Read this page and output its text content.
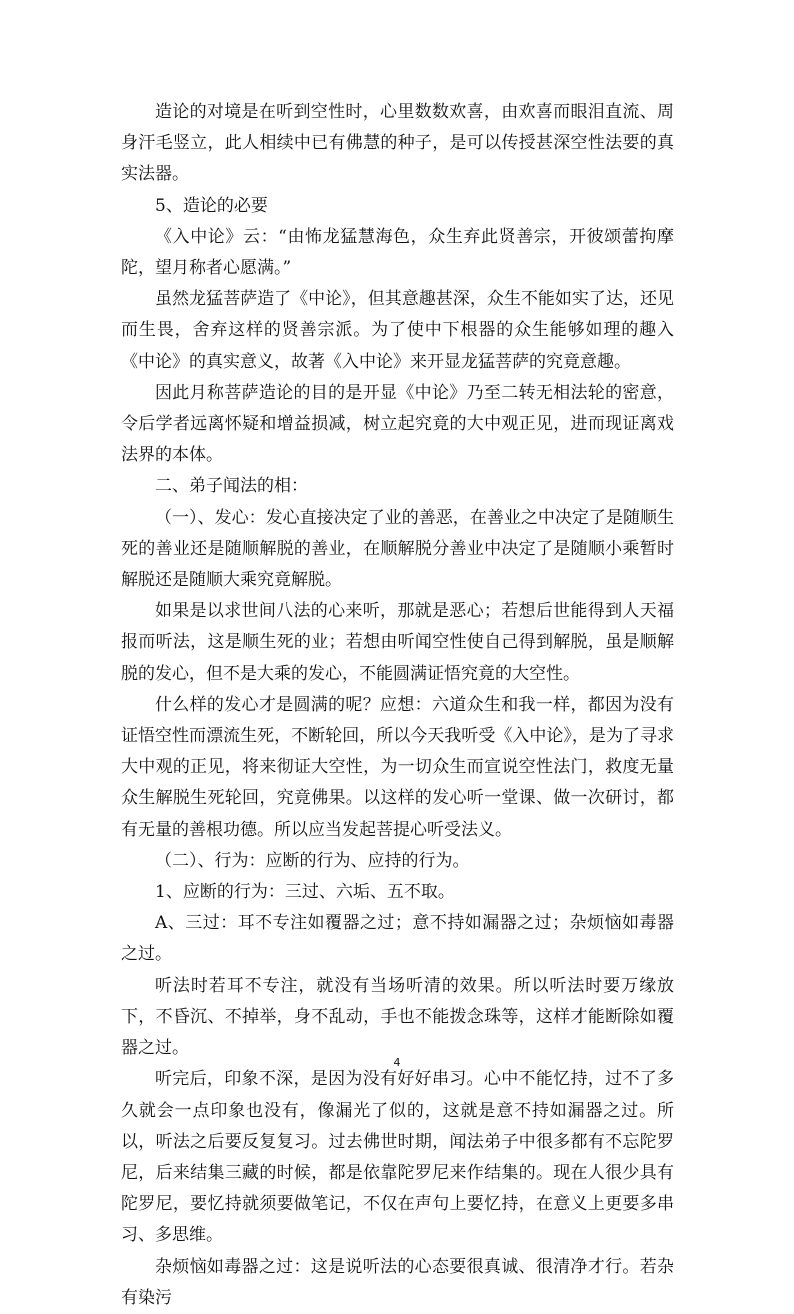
造论的对境是在听到空性时，心里数数欢喜，由欢喜而眼泪直流、周身汗毛竖立，此人相续中已有佛慧的种子，是可以传授甚深空性法要的真实法器。

5、造论的必要

《入中论》云：“由怖龙猛慧海色，众生弃此贤善宗，开彼颂蕾拘摩陀，望月称者心愿满。”

虽然龙猛菩萨造了《中论》，但其意趣甚深，众生不能如实了达，还见而生畏，舍弃这样的贤善宗派。为了使中下根器的众生能够如理的趣入《中论》的真实意义，故著《入中论》来开显龙猛菩萨的究竟意趣。

因此月称菩萨造论的目的是开显《中论》乃至二转无相法轮的密意，令后学者远离怀疑和增益损减，树立起究竟的大中观正见，进而现证离戏法界的本体。

二、弟子闻法的相：

（一）、发心：发心直接决定了业的善恶，在善业之中决定了是随顺生死的善业还是随顺解脱的善业，在顺解脱分善业中决定了是随顺小乘暂时解脱还是随顺大乘究竟解脱。

如果是以求世间八法的心来听，那就是恶心；若想后世能得到人天福报而听法，这是顺生死的业；若想由听闻空性使自己得到解脱，虽是顺解脱的发心，但不是大乘的发心，不能圆满证悟究竟的大空性。

什么样的发心才是圆满的呢？应想：六道众生和我一样，都因为没有证悟空性而漂流生死，不断轮回，所以今天我听受《入中论》，是为了寻求大中观的正见，将来彻证大空性，为一切众生而宣说空性法门，救度无量众生解脱生死轮回，究竟佛果。以这样的发心听一堂课、做一次研讨，都有无量的善根功德。所以应当发起菩提心听受法义。

（二）、行为：应断的行为、应持的行为。

1、应断的行为：三过、六垢、五不取。

A、三过：耳不专注如覆器之过；意不持如漏器之过；杂烦恼如毒器之过。

听法时若耳不专注，就没有当场听清的效果。所以听法时要万缘放下，不昏沉、不掉举，身不乱动，手也不能拨念珠等，这样才能断除如覆器之过。

听完后，印象不深，是因为没有好好串习。心中不能忆持，过不了多久就会一点印象也没有，像漏光了似的，这就是意不持如漏器之过。所以，听法之后要反复复习。过去佛世时期，闻法弟子中很多都有不忘陀罗尼，后来结集三藏的时候，都是依靠陀罗尼来作结集的。现在人很少具有陀罗尼，要忆持就须要做笔记，不仅在声句上要忆持，在意义上更要多串习、多思维。

杂烦恼如毒器之过：这是说听法的心态要很真诚、很清净才行。若杂有染污

4
